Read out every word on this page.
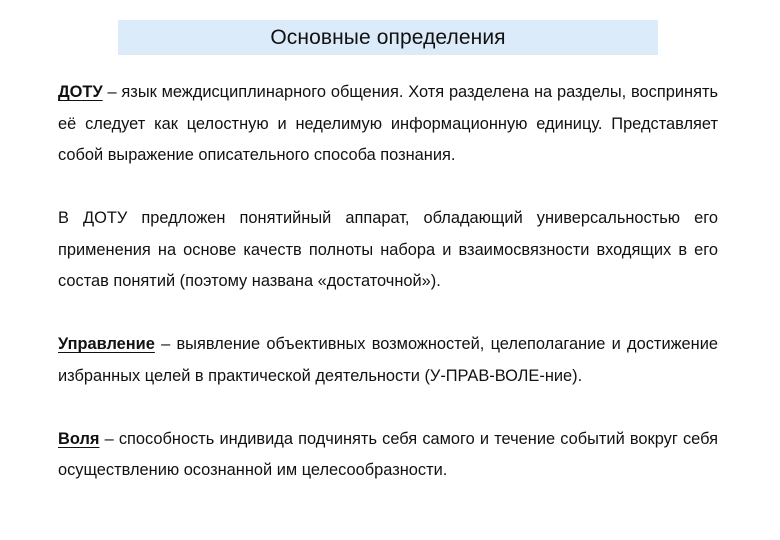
Основные определения

ДОТУ – язык междисциплинарного общения. Хотя разделена на разделы, воспринять её следует как целостную и неделимую информационную единицу. Представляет собой выражение описательного способа познания.

В ДОТУ предложен понятийный аппарат, обладающий универсальностью его применения на основе качеств полноты набора и взаимосвязности входящих в его состав понятий (поэтому названа «достаточной»).

Управление – выявление объективных возможностей, целеполагание и достижение избранных целей в практической деятельности (У-ПРАВ-ВОЛЕ-ние).

Воля – способность индивида подчинять себя самого и течение событий вокруг себя осуществлению осознанной им целесообразности.
